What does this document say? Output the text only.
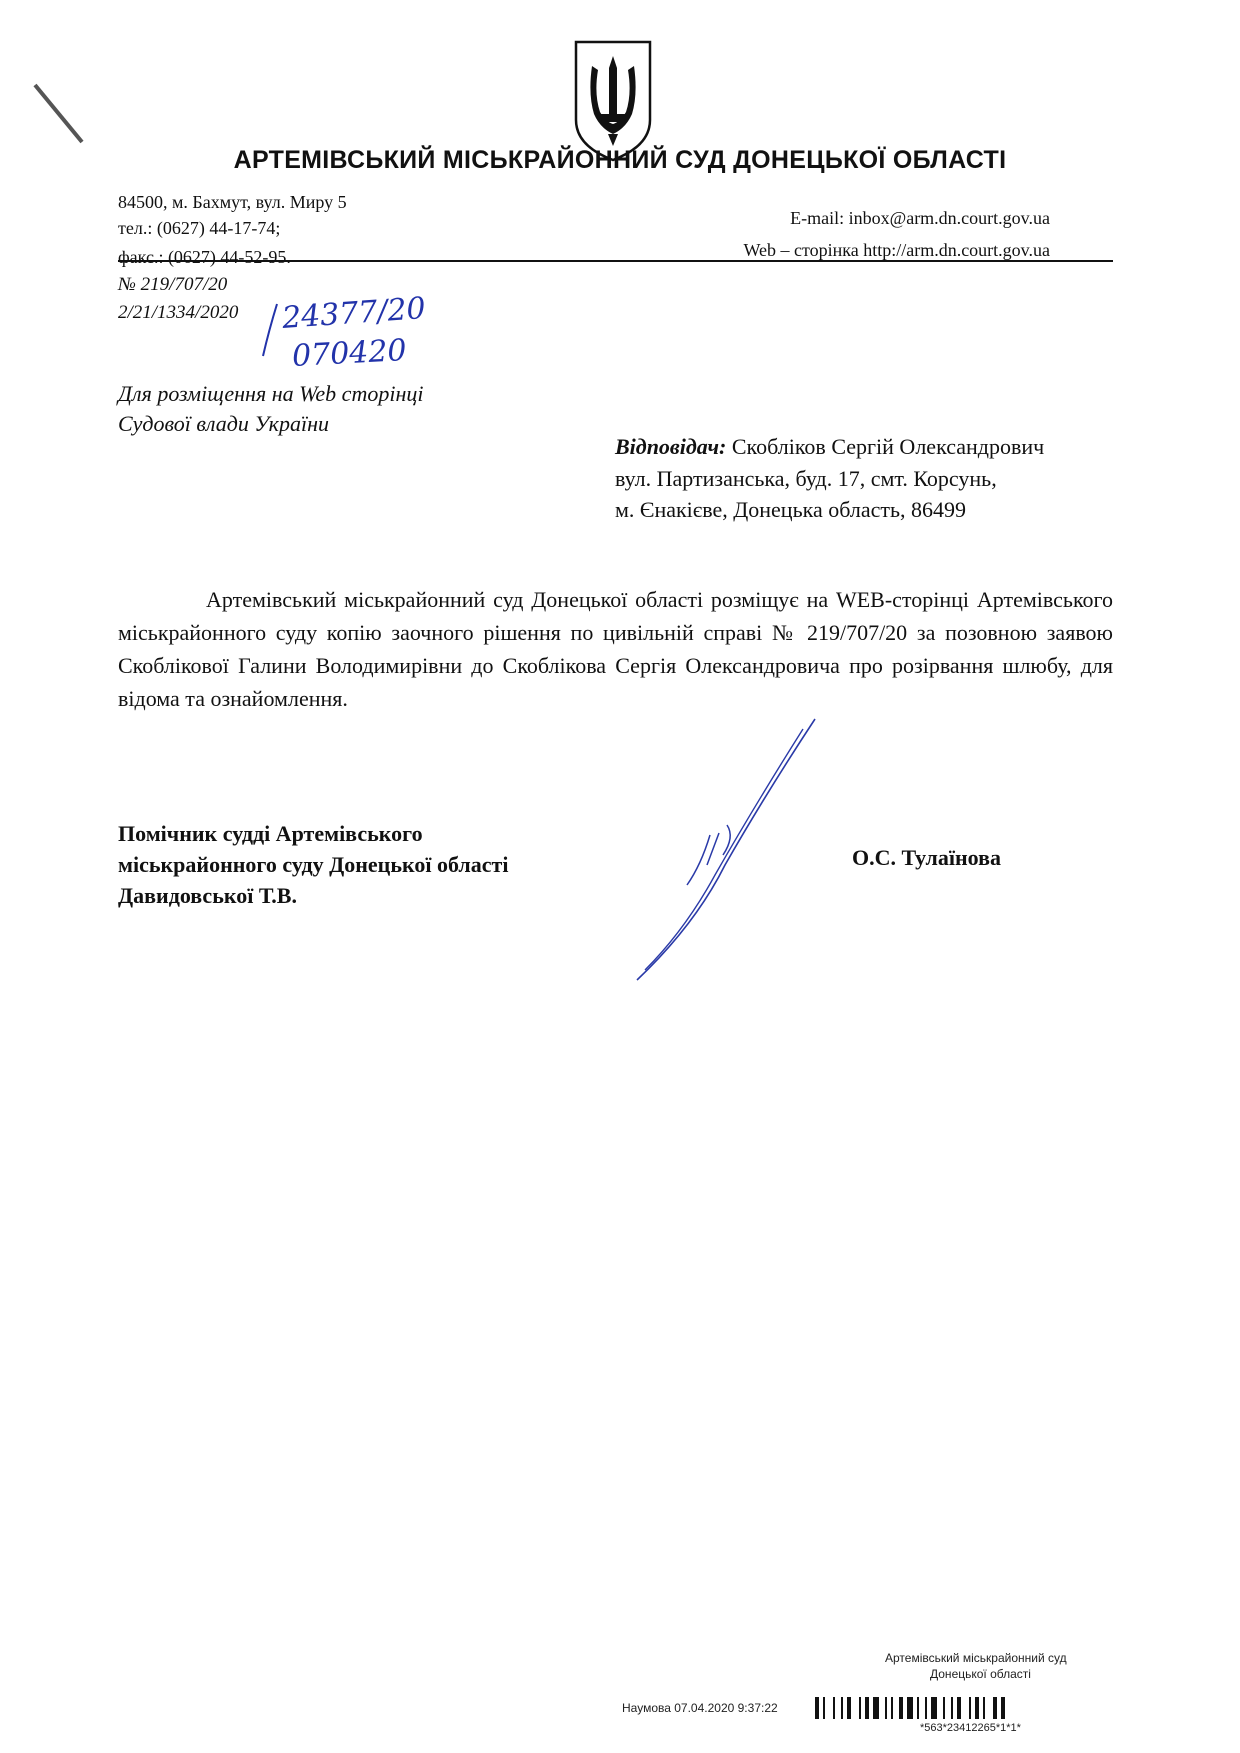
АРТЕМІВСЬКИЙ МІСЬКРАЙОННИЙ СУД ДОНЕЦЬКОЇ ОБЛАСТІ
84500, м. Бахмут, вул. Миру 5
тел.: (0627) 44-17-74;
факс.: (0627) 44-52-95.
E-mail: inbox@arm.dn.court.gov.ua
Web – сторінка http://arm.dn.court.gov.ua
№ 219/707/20
2/21/1334/2020 24377/20
070420
Для розміщення на Web сторінці
Судової влади України
Відповідач: Скобліков Сергій Олександрович
вул. Партизанська, буд. 17, смт. Корсунь,
м. Єнакієве, Донецька область, 86499
Артемівський міськрайонний суд Донецької області розміщує на WEB-сторінці Артемівського міськрайонного суду копію заочного рішення по цивільній справі № 219/707/20 за позовною заявою Скоблікової Галини Володимирівни до Скоблікова Сергія Олександровича про розірвання шлюбу, для відома та ознайомлення.
Помічник судді Артемівського
міськрайонного суду Донецької області
Давидовської Т.В.
О.С. Тулаїнова
Артемівський міськрайонний суд
Донецької області
Наумова 07.04.2020 9:37:22
*563*23412265*1*1*
